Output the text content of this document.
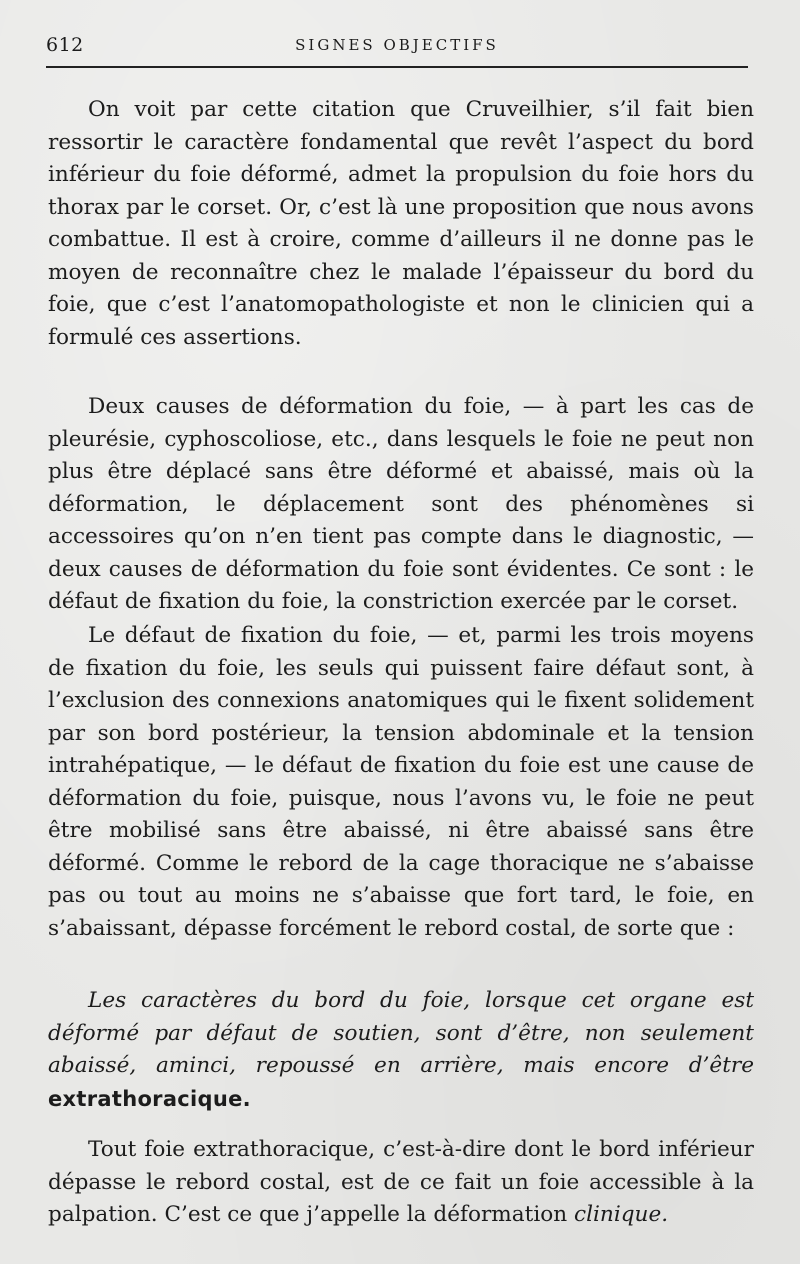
612	SIGNES OBJECTIFS

On voit par cette citation que Cruveilhier, s’il fait bien ressortir le caractère fondamental que revêt l’aspect du bord inférieur du foie déformé, admet la propulsion du foie hors du thorax par le corset. Or, c’est là une proposition que nous avons combattue. Il est à croire, comme d’ailleurs il ne donne pas le moyen de reconnaître chez le malade l’épaisseur du bord du foie, que c’est l’anatomopathologiste et non le clinicien qui a formulé ces assertions.

Deux causes de déformation du foie, — à part les cas de pleurésie, cyphoscoliose, etc., dans lesquels le foie ne peut non plus être déplacé sans être déformé et abaissé, mais où la déformation, le déplacement sont des phénomènes si accessoires qu’on n’en tient pas compte dans le diagnostic, — deux causes de déformation du foie sont évidentes. Ce sont : le défaut de fixation du foie, la constriction exercée par le corset.

Le défaut de fixation du foie, — et, parmi les trois moyens de fixation du foie, les seuls qui puissent faire défaut sont, à l’exclusion des connexions anatomiques qui le fixent solidement par son bord postérieur, la tension abdominale et la tension intrahépatique, — le défaut de fixation du foie est une cause de déformation du foie, puisque, nous l’avons vu, le foie ne peut être mobilisé sans être abaissé, ni être abaissé sans être déformé. Comme le rebord de la cage thoracique ne s’abaisse pas ou tout au moins ne s’abaisse que fort tard, le foie, en s’abaissant, dépasse forcément le rebord costal, de sorte que :

Les caractères du bord du foie, lorsque cet organe est déformé par défaut de soutien, sont d’être, non seulement abaissé, aminci, repoussé en arrière, mais encore d’être extrathoracique.

Tout foie extrathoracique, c’est-à-dire dont le bord inférieur dépasse le rebord costal, est de ce fait un foie accessible à la palpation. C’est ce que j’appelle la déformation clinique.
